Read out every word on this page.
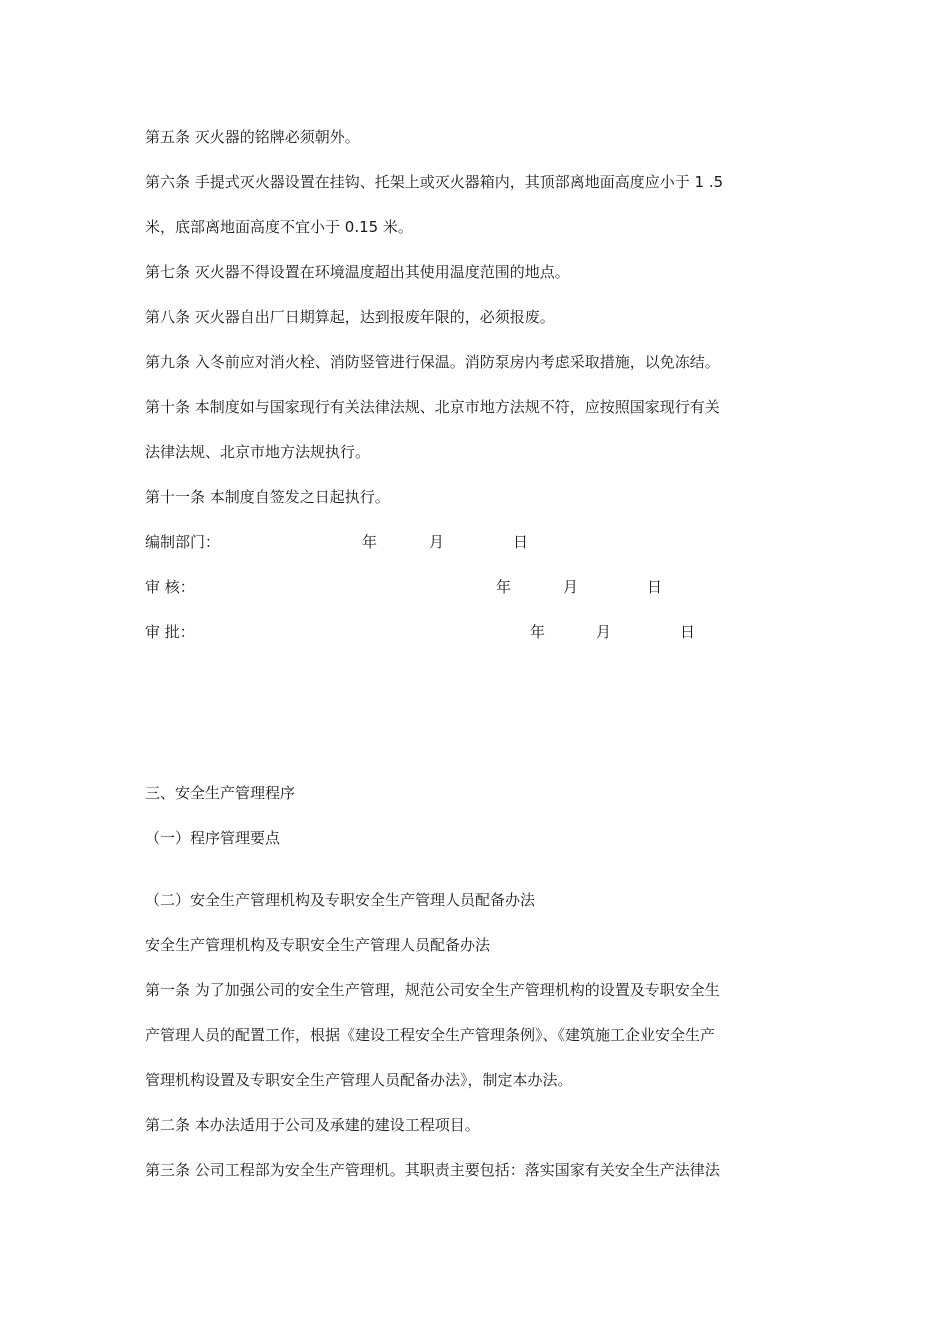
第五条 灭火器的铭牌必须朝外。
第六条 手提式灭火器设置在挂钩、托架上或灭火器箱内，其顶部离地面高度应小于 1 .5
米，底部离地面高度不宜小于 0.15 米。
第七条 灭火器不得设置在环境温度超出其使用温度范围的地点。
第八条 灭火器自出厂日期算起，达到报废年限的，必须报废。
第九条 入冬前应对消火栓、消防竖管进行保温。消防泵房内考虑采取措施，以免冻结。
第十条 本制度如与国家现行有关法律法规、北京市地方法规不符，应按照国家现行有关
法律法规、北京市地方法规执行。
第十一条 本制度自签发之日起执行。
编制部门：	年	月	日
审 核：	年	月	日
审 批：	年	月	日
三、安全生产管理程序
（一）程序管理要点
（二）安全生产管理机构及专职安全生产管理人员配备办法
安全生产管理机构及专职安全生产管理人员配备办法
第一条 为了加强公司的安全生产管理，规范公司安全生产管理机构的设置及专职安全生
产管理人员的配置工作，根据《建设工程安全生产管理条例》、《建筑施工企业安全生产
管理机构设置及专职安全生产管理人员配备办法》，制定本办法。
第二条 本办法适用于公司及承建的建设工程项目。
第三条 公司工程部为安全生产管理机。其职责主要包括：落实国家有关安全生产法律法
